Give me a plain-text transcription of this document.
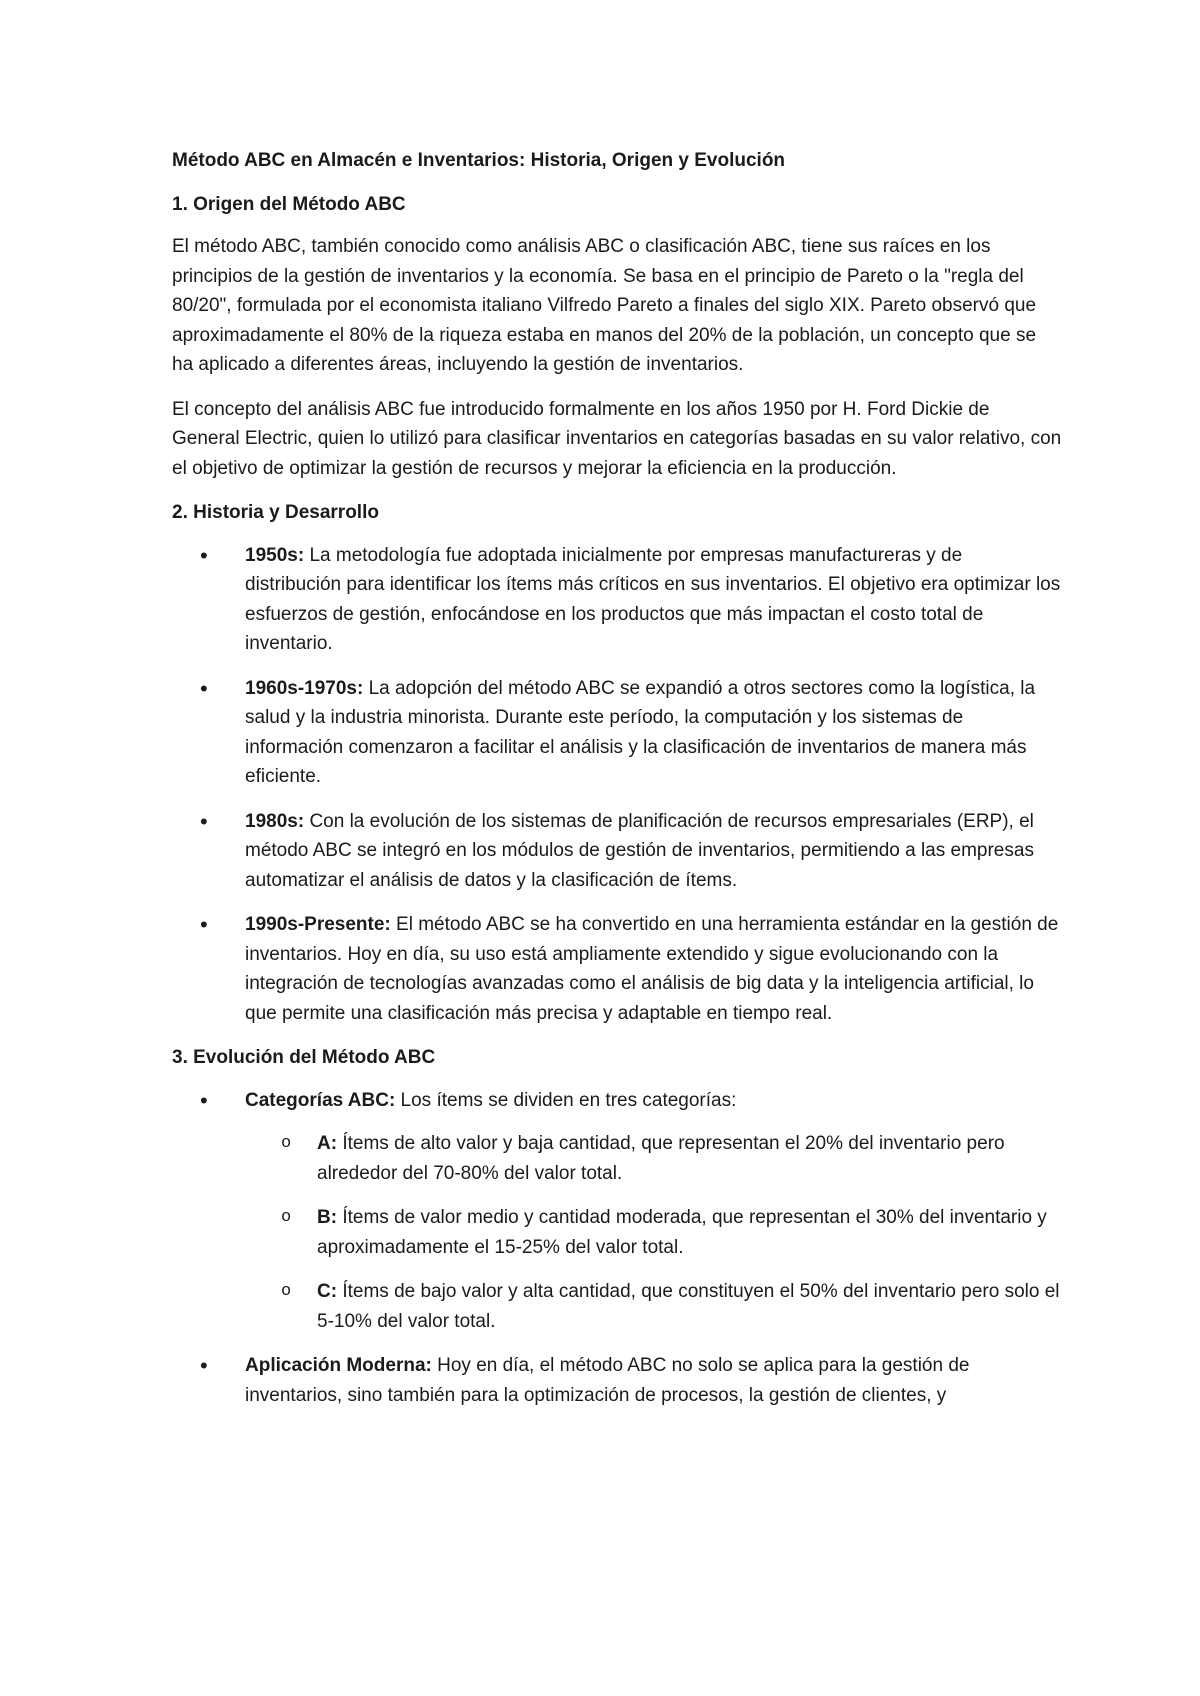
Método ABC en Almacén e Inventarios: Historia, Origen y Evolución

1. Origen del Método ABC

El método ABC, también conocido como análisis ABC o clasificación ABC, tiene sus raíces en los principios de la gestión de inventarios y la economía. Se basa en el principio de Pareto o la "regla del 80/20", formulada por el economista italiano Vilfredo Pareto a finales del siglo XIX. Pareto observó que aproximadamente el 80% de la riqueza estaba en manos del 20% de la población, un concepto que se ha aplicado a diferentes áreas, incluyendo la gestión de inventarios.

El concepto del análisis ABC fue introducido formalmente en los años 1950 por H. Ford Dickie de General Electric, quien lo utilizó para clasificar inventarios en categorías basadas en su valor relativo, con el objetivo de optimizar la gestión de recursos y mejorar la eficiencia en la producción.

2. Historia y Desarrollo

• 1950s: La metodología fue adoptada inicialmente por empresas manufactureras y de distribución para identificar los ítems más críticos en sus inventarios. El objetivo era optimizar los esfuerzos de gestión, enfocándose en los productos que más impactan el costo total de inventario.
• 1960s-1970s: La adopción del método ABC se expandió a otros sectores como la logística, la salud y la industria minorista. Durante este período, la computación y los sistemas de información comenzaron a facilitar el análisis y la clasificación de inventarios de manera más eficiente.
• 1980s: Con la evolución de los sistemas de planificación de recursos empresariales (ERP), el método ABC se integró en los módulos de gestión de inventarios, permitiendo a las empresas automatizar el análisis de datos y la clasificación de ítems.
• 1990s-Presente: El método ABC se ha convertido en una herramienta estándar en la gestión de inventarios. Hoy en día, su uso está ampliamente extendido y sigue evolucionando con la integración de tecnologías avanzadas como el análisis de big data y la inteligencia artificial, lo que permite una clasificación más precisa y adaptable en tiempo real.

3. Evolución del Método ABC

• Categorías ABC: Los ítems se dividen en tres categorías:
o A: Ítems de alto valor y baja cantidad, que representan el 20% del inventario pero alrededor del 70-80% del valor total.
o B: Ítems de valor medio y cantidad moderada, que representan el 30% del inventario y aproximadamente el 15-25% del valor total.
o C: Ítems de bajo valor y alta cantidad, que constituyen el 50% del inventario pero solo el 5-10% del valor total.
• Aplicación Moderna: Hoy en día, el método ABC no solo se aplica para la gestión de inventarios, sino también para la optimización de procesos, la gestión de clientes, y
